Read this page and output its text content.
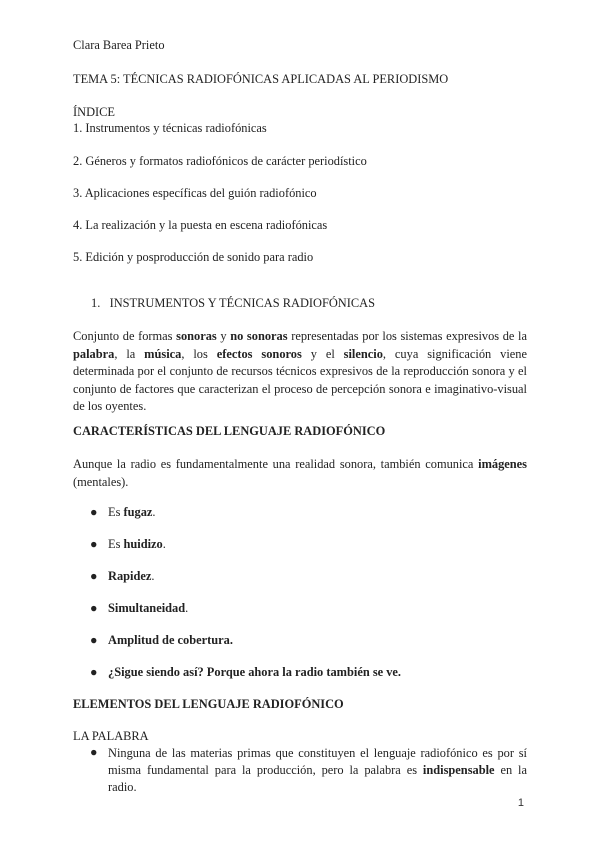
Clara Barea Prieto
TEMA 5: TÉCNICAS RADIOFÓNICAS APLICADAS AL PERIODISMO
ÍNDICE
1. Instrumentos y técnicas radiofónicas
2. Géneros y formatos radiofónicos de carácter periodístico
3. Aplicaciones específicas del guión radiofónico
4. La realización y la puesta en escena radiofónicas
5. Edición y posproducción de sonido para radio
1. INSTRUMENTOS Y TÉCNICAS RADIOFÓNICAS
Conjunto de formas sonoras y no sonoras representadas por los sistemas expresivos de la palabra, la música, los efectos sonoros y el silencio, cuya significación viene determinada por el conjunto de recursos técnicos expresivos de la reproducción sonora y el conjunto de factores que caracterizan el proceso de percepción sonora e imaginativo-visual de los oyentes.
CARACTERÍSTICAS DEL LENGUAJE RADIOFÓNICO
Aunque la radio es fundamentalmente una realidad sonora, también comunica imágenes (mentales).
● Es fugaz.
● Es huidizo.
● Rapidez.
● Simultaneidad.
● Amplitud de cobertura.
● ¿Sigue siendo así? Porque ahora la radio también se ve.
ELEMENTOS DEL LENGUAJE RADIOFÓNICO
LA PALABRA
● Ninguna de las materias primas que constituyen el lenguaje radiofónico es por sí misma fundamental para la producción, pero la palabra es indispensable en la radio.
1
